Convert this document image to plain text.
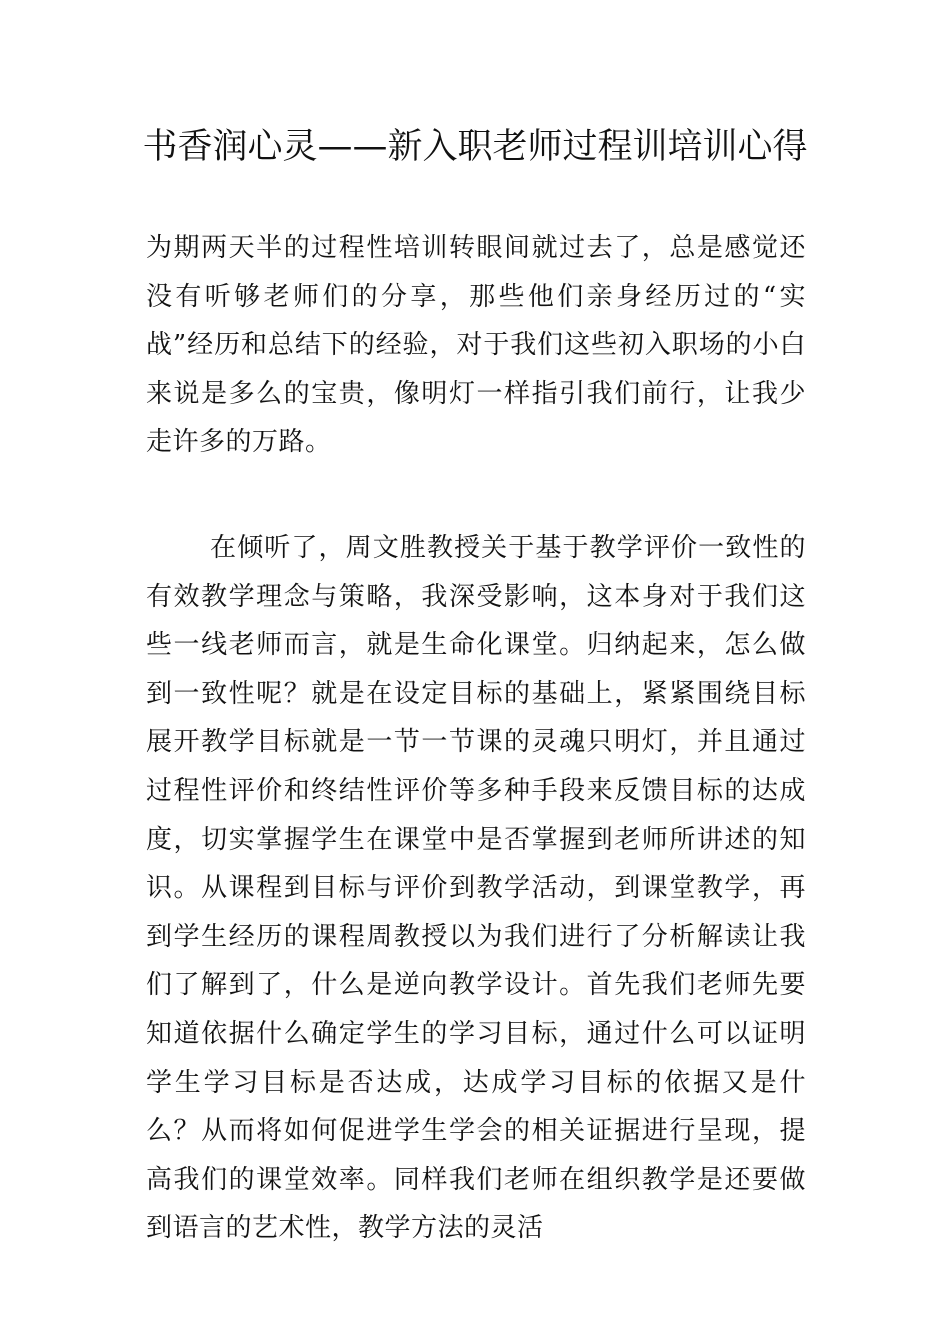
书香润心灵——新入职老师过程训培训心得

为期两天半的过程性培训转眼间就过去了，总是感觉还没有听够老师们的分享，那些他们亲身经历过的“实战”经历和总结下的经验，对于我们这些初入职场的小白来说是多么的宝贵，像明灯一样指引我们前行，让我少走许多的万路。

在倾听了，周文胜教授关于基于教学评价一致性的有效教学理念与策略，我深受影响，这本身对于我们这些一线老师而言，就是生命化课堂。归纳起来，怎么做到一致性呢？就是在设定目标的基础上，紧紧围绕目标展开教学目标就是一节一节课的灵魂只明灯，并且通过过程性评价和终结性评价等多种手段来反馈目标的达成度，切实掌握学生在课堂中是否掌握到老师所讲述的知识。从课程到目标与评价到教学活动，到课堂教学，再到学生经历的课程周教授以为我们进行了分析解读让我们了解到了，什么是逆向教学设计。首先我们老师先要知道依据什么确定学生的学习目标，通过什么可以证明学生学习目标是否达成，达成学习目标的依据又是什么？从而将如何促进学生学会的相关证据进行呈现，提高我们的课堂效率。同样我们老师在组织教学是还要做到语言的艺术性，教学方法的灵活
